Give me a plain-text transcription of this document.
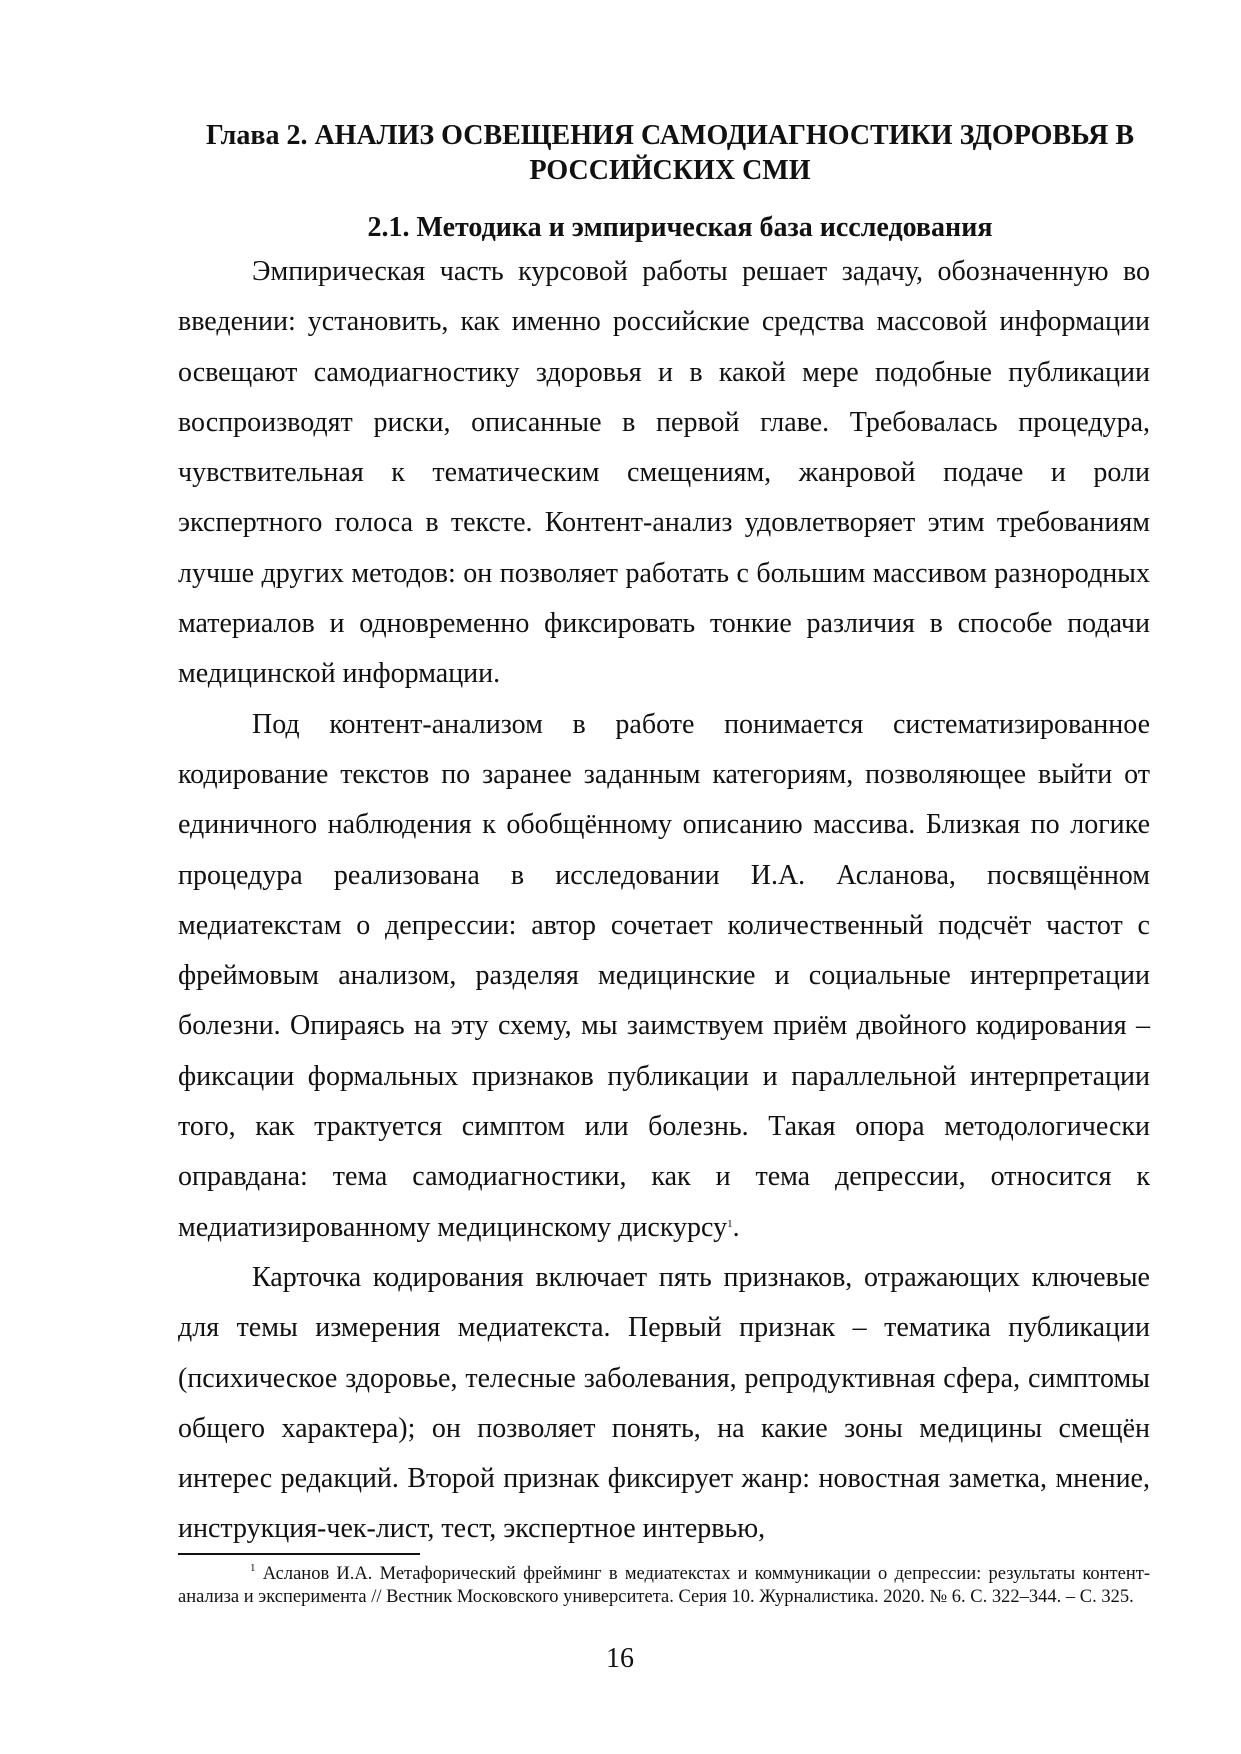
Глава 2. АНАЛИЗ ОСВЕЩЕНИЯ САМОДИАГНОСТИКИ ЗДОРОВЬЯ В РОССИЙСКИХ СМИ
2.1. Методика и эмпирическая база исследования

Эмпирическая часть курсовой работы решает задачу, обозначенную во введении: установить, как именно российские средства массовой информации освещают самодиагностику здоровья и в какой мере подобные публикации воспроизводят риски, описанные в первой главе. Требовалась процедура, чувствительная к тематическим смещениям, жанровой подаче и роли экспертного голоса в тексте. Контент-анализ удовлетворяет этим требованиям лучше других методов: он позволяет работать с большим массивом разнородных материалов и одновременно фиксировать тонкие различия в способе подачи медицинской информации.

Под контент-анализом в работе понимается систематизированное кодирование текстов по заранее заданным категориям, позволяющее выйти от единичного наблюдения к обобщённому описанию массива. Близкая по логике процедура реализована в исследовании И.А. Асланова, посвящённом медиатекстам о депрессии: автор сочетает количественный подсчёт частот с фреймовым анализом, разделяя медицинские и социальные интерпретации болезни. Опираясь на эту схему, мы заимствуем приём двойного кодирования – фиксации формальных признаков публикации и параллельной интерпретации того, как трактуется симптом или болезнь. Такая опора методологически оправдана: тема самодиагностики, как и тема депрессии, относится к медиатизированному медицинскому дискурсу$^1$.

Карточка кодирования включает пять признаков, отражающих ключевые для темы измерения медиатекста. Первый признак – тематика публикации (психическое здоровье, телесные заболевания, репродуктивная сфера, симптомы общего характера); он позволяет понять, на какие зоны медицины смещён интерес редакций. Второй признак фиксирует жанр: новостная заметка, мнение, инструкция-чек-лист, тест, экспертное интервью,

$^1$ Асланов И.А. Метафорический фрейминг в медиатекстах и коммуникации о депрессии: результаты контент-анализа и эксперимента // Вестник Московского университета. Серия 10. Журналистика. 2020. № 6. С. 322–344. – С. 325.

16
